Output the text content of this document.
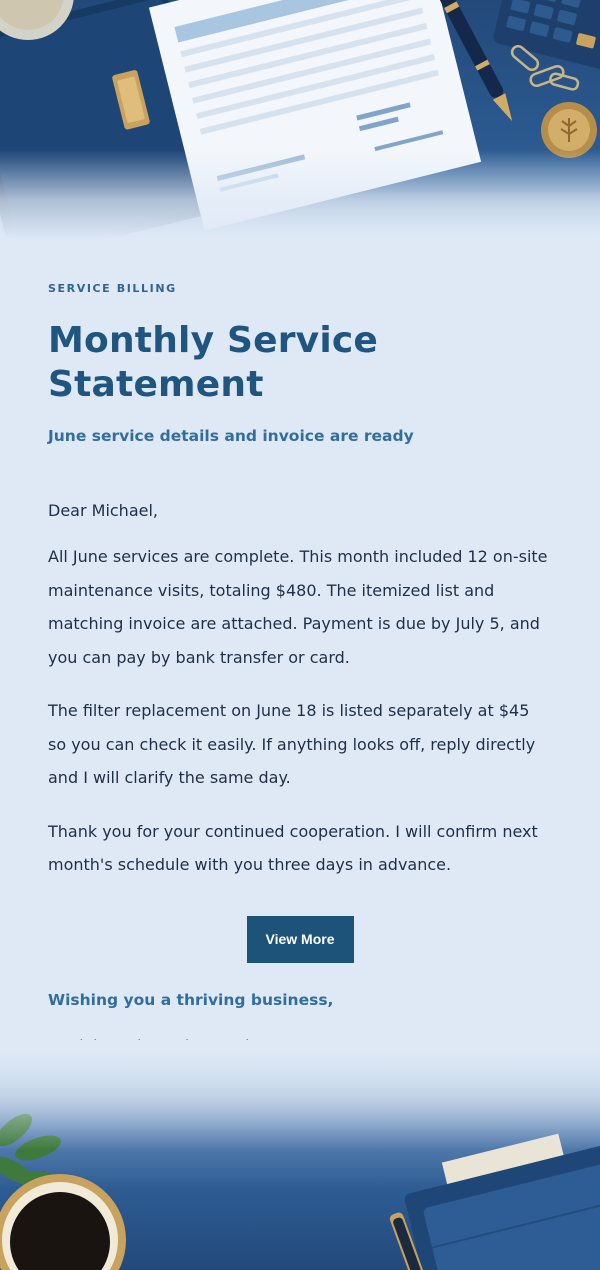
SERVICE BILLING
Monthly Service Statement
June service details and invoice are ready

Dear Michael,

All June services are complete. This month included 12 on-site maintenance visits, totaling $480. The itemized list and matching invoice are attached. Payment is due by July 5, and you can pay by bank transfer or card.

The filter replacement on June 18 is listed separately at $45 so you can check it easily. If anything looks off, reply directly and I will clarify the same day.

Thank you for your continued cooperation. I will confirm next month's schedule with you three days in advance.

View More

Wishing you a thriving business,
